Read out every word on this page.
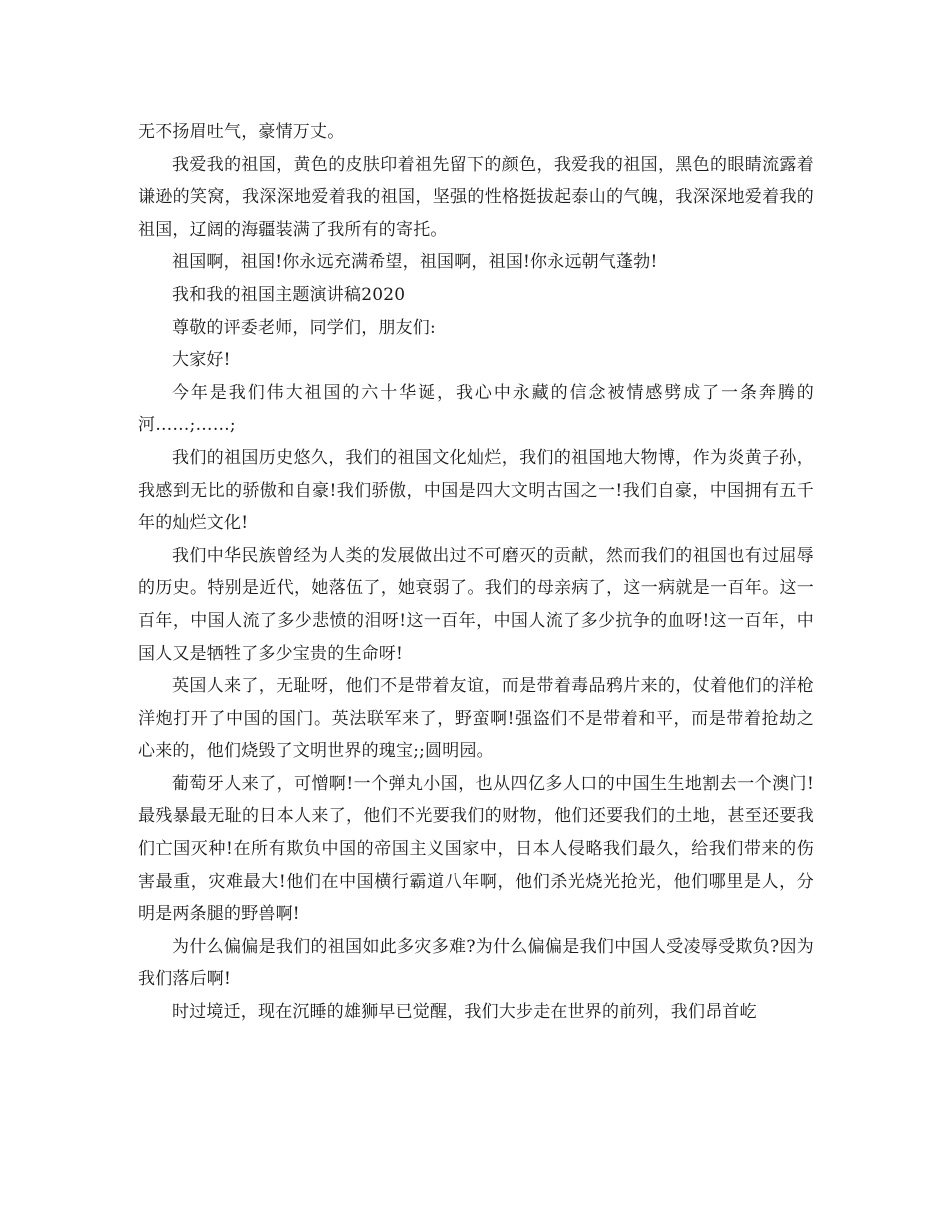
无不扬眉吐气，豪情万丈。

我爱我的祖国，黄色的皮肤印着祖先留下的颜色，我爱我的祖国，黑色的眼睛流露着谦逊的笑窝，我深深地爱着我的祖国，坚强的性格挺拔起泰山的气魄，我深深地爱着我的祖国，辽阔的海疆装满了我所有的寄托。

祖国啊，祖国!你永远充满希望，祖国啊，祖国!你永远朝气蓬勃!

我和我的祖国主题演讲稿2020

尊敬的评委老师，同学们，朋友们:

大家好!

今年是我们伟大祖国的六十华诞，我心中永藏的信念被情感劈成了一条奔腾的河……;……;

我们的祖国历史悠久，我们的祖国文化灿烂，我们的祖国地大物博，作为炎黄子孙，我感到无比的骄傲和自豪!我们骄傲，中国是四大文明古国之一!我们自豪，中国拥有五千年的灿烂文化!

我们中华民族曾经为人类的发展做出过不可磨灭的贡献，然而我们的祖国也有过屈辱的历史。特别是近代，她落伍了，她衰弱了。我们的母亲病了，这一病就是一百年。这一百年，中国人流了多少悲愤的泪呀!这一百年，中国人流了多少抗争的血呀!这一百年，中国人又是牺牲了多少宝贵的生命呀!

英国人来了，无耻呀，他们不是带着友谊，而是带着毒品鸦片来的，仗着他们的洋枪洋炮打开了中国的国门。英法联军来了，野蛮啊!强盗们不是带着和平，而是带着抢劫之心来的，他们烧毁了文明世界的瑰宝;;圆明园。

葡萄牙人来了，可憎啊!一个弹丸小国，也从四亿多人口的中国生生地割去一个澳门!最残暴最无耻的日本人来了，他们不光要我们的财物，他们还要我们的土地，甚至还要我们亡国灭种!在所有欺负中国的帝国主义国家中，日本人侵略我们最久，给我们带来的伤害最重，灾难最大!他们在中国横行霸道八年啊，他们杀光烧光抢光，他们哪里是人，分明是两条腿的野兽啊!

为什么偏偏是我们的祖国如此多灾多难?为什么偏偏是我们中国人受凌辱受欺负?因为我们落后啊!

时过境迁，现在沉睡的雄狮早已觉醒，我们大步走在世界的前列，我们昂首屹
